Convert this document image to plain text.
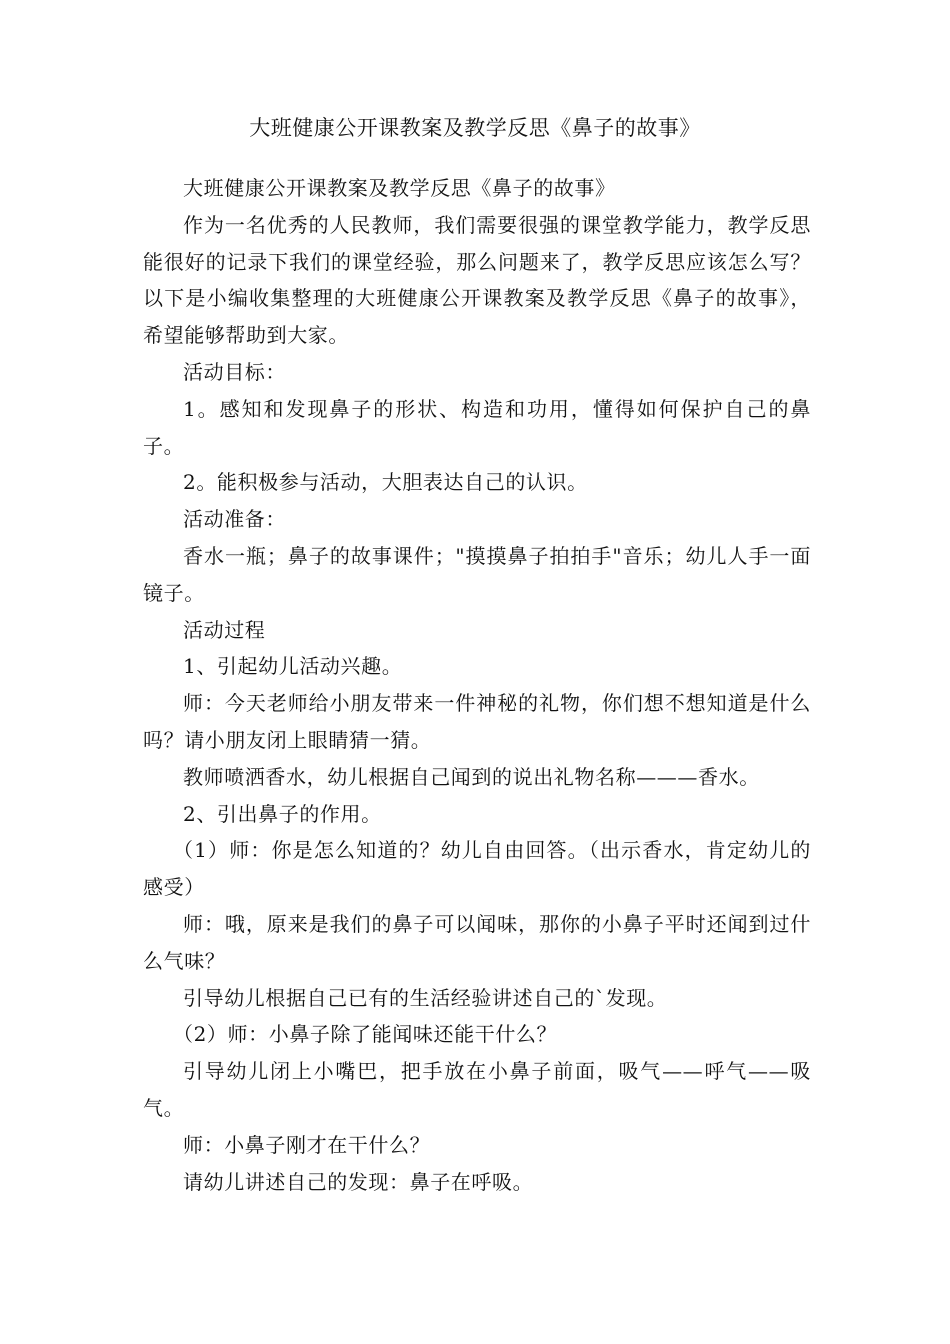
大班健康公开课教案及教学反思《鼻子的故事》

大班健康公开课教案及教学反思《鼻子的故事》

作为一名优秀的人民教师，我们需要很强的课堂教学能力，教学反思能很好的记录下我们的课堂经验，那么问题来了，教学反思应该怎么写？以下是小编收集整理的大班健康公开课教案及教学反思《鼻子的故事》，希望能够帮助到大家。

活动目标：

1。感知和发现鼻子的形状、构造和功用，懂得如何保护自己的鼻子。

2。能积极参与活动，大胆表达自己的认识。

活动准备：

香水一瓶；鼻子的故事课件；"摸摸鼻子拍拍手"音乐；幼儿人手一面镜子。

活动过程

1、引起幼儿活动兴趣。

师：今天老师给小朋友带来一件神秘的礼物，你们想不想知道是什么吗？请小朋友闭上眼睛猜一猜。

教师喷洒香水，幼儿根据自己闻到的说出礼物名称———香水。

2、引出鼻子的作用。

（1）师：你是怎么知道的？幼儿自由回答。（出示香水，肯定幼儿的感受）

师：哦，原来是我们的鼻子可以闻味，那你的小鼻子平时还闻到过什么气味？

引导幼儿根据自己已有的生活经验讲述自己的`发现。

（2）师：小鼻子除了能闻味还能干什么？

引导幼儿闭上小嘴巴，把手放在小鼻子前面，吸气——呼气——吸气。

师：小鼻子刚才在干什么？

请幼儿讲述自己的发现：鼻子在呼吸。
